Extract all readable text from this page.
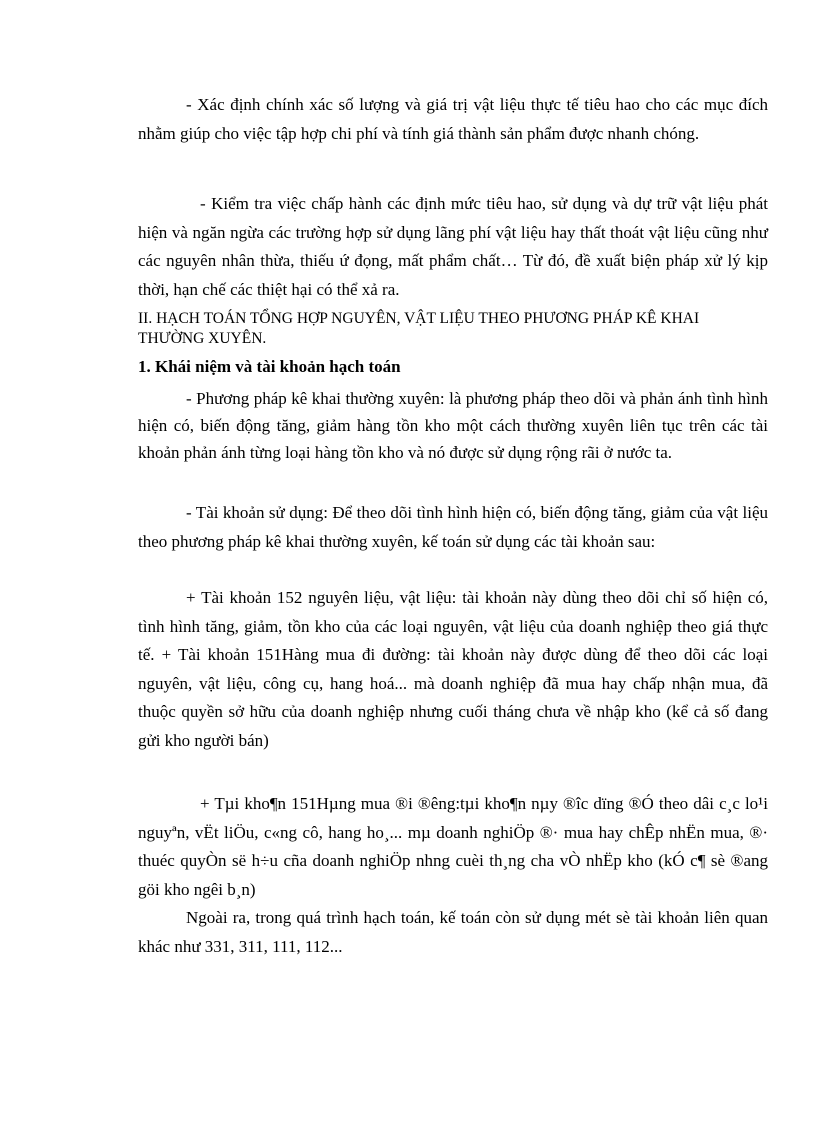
- Xác định chính xác số lượng và giá trị vật liệu thực tế tiêu hao cho các mục đích nhằm giúp cho việc tập hợp chi phí và tính giá thành sản phẩm được nhanh chóng.

- Kiểm tra việc chấp hành các định mức tiêu hao, sử dụng và dự trữ vật liệu phát hiện và ngăn ngừa các trường hợp sử dụng lãng phí vật liệu hay thất thoát vật liệu cũng như các nguyên nhân thừa, thiếu ứ đọng, mất phẩm chất… Từ đó, đề xuất biện pháp xử lý kịp thời, hạn chế các thiệt hại có thể xả ra.

II. HẠCH TOÁN TỔNG HỢP NGUYÊN, VẬT LIỆU THEO PHƯƠNG PHÁP KÊ KHAI THƯỜNG XUYÊN.

1. Khái niệm và tài khoản hạch toán

- Phương pháp kê khai thường xuyên: là phương pháp theo dõi và phản ánh tình hình hiện có, biến động tăng, giảm hàng tồn kho một cách thường xuyên liên tục trên các tài khoản phản ánh từng loại hàng tồn kho và nó được sử dụng rộng rãi ở nước ta.

- Tài khoản sử dụng: Để theo dõi tình hình hiện có, biến động tăng, giảm của vật liệu theo phương pháp kê khai thường xuyên, kế toán sử dụng các tài khoản sau:

+ Tài khoản 152 nguyên liệu, vật liệu: tài khoản này dùng theo dõi chỉ số hiện có, tình hình tăng, giảm, tồn kho của các loại nguyên, vật liệu của doanh nghiệp theo giá thực tế. + Tài khoản 151Hàng mua đi đường: tài khoản này được dùng để theo dõi các loại nguyên, vật liệu, công cụ, hang hoá... mà doanh nghiệp đã mua hay chấp nhận mua, đã thuộc quyền sở hữu của doanh nghiệp nhưng cuối tháng chưa về nhập kho (kể cả số đang gửi kho người bán)

+ Tµi kho¶n 151Hµng mua ®i ®êng:tµi kho¶n nµy ®îc dïng ®Ó theo dâi c¸c lo¹i nguyªn, vËt liÖu, c«ng cô, hang ho¸... mµ doanh nghiÖp ®· mua hay chÊp nhËn mua, ®· thuéc quyÒn së h÷u cña doanh nghiÖp nhng cuèi th¸ng cha vÒ nhËp kho (kÓ c¶ sè ®ang göi kho ngêi b¸n)

Ngoài ra, trong quá trình hạch toán, kế toán còn sử dụng mét sè tài khoản liên quan khác như 331, 311, 111, 112...
